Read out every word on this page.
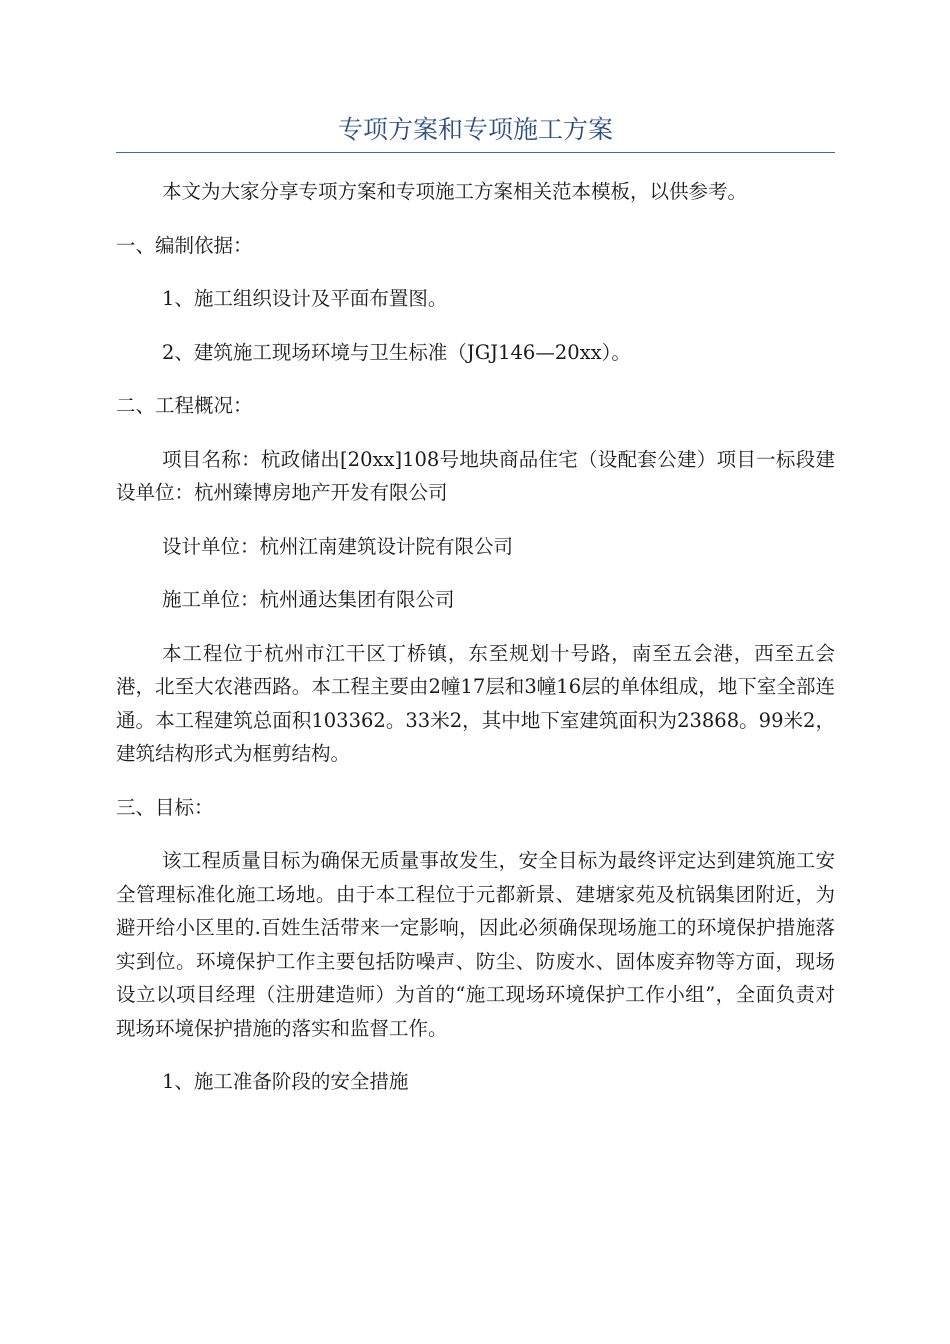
专项方案和专项施工方案

本文为大家分享专项方案和专项施工方案相关范本模板，以供参考。

一、编制依据：

1、施工组织设计及平面布置图。

2、建筑施工现场环境与卫生标准（JGJ146—20xx）。

二、工程概况：

项目名称：杭政储出[20xx]108号地块商品住宅（设配套公建）项目一标段建设单位：杭州臻博房地产开发有限公司

设计单位：杭州江南建筑设计院有限公司

施工单位：杭州通达集团有限公司

本工程位于杭州市江干区丁桥镇，东至规划十号路，南至五会港，西至五会港，北至大农港西路。本工程主要由2幢17层和3幢16层的单体组成，地下室全部连通。本工程建筑总面积103362。33米2，其中地下室建筑面积为23868。99米2，建筑结构形式为框剪结构。

三、目标：

该工程质量目标为确保无质量事故发生，安全目标为最终评定达到建筑施工安全管理标准化施工场地。由于本工程位于元都新景、建塘家苑及杭锅集团附近，为避开给小区里的.百姓生活带来一定影响，因此必须确保现场施工的环境保护措施落实到位。环境保护工作主要包括防噪声、防尘、防废水、固体废弃物等方面，现场设立以项目经理（注册建造师）为首的“施工现场环境保护工作小组”，全面负责对现场环境保护措施的落实和监督工作。

1、施工准备阶段的安全措施
